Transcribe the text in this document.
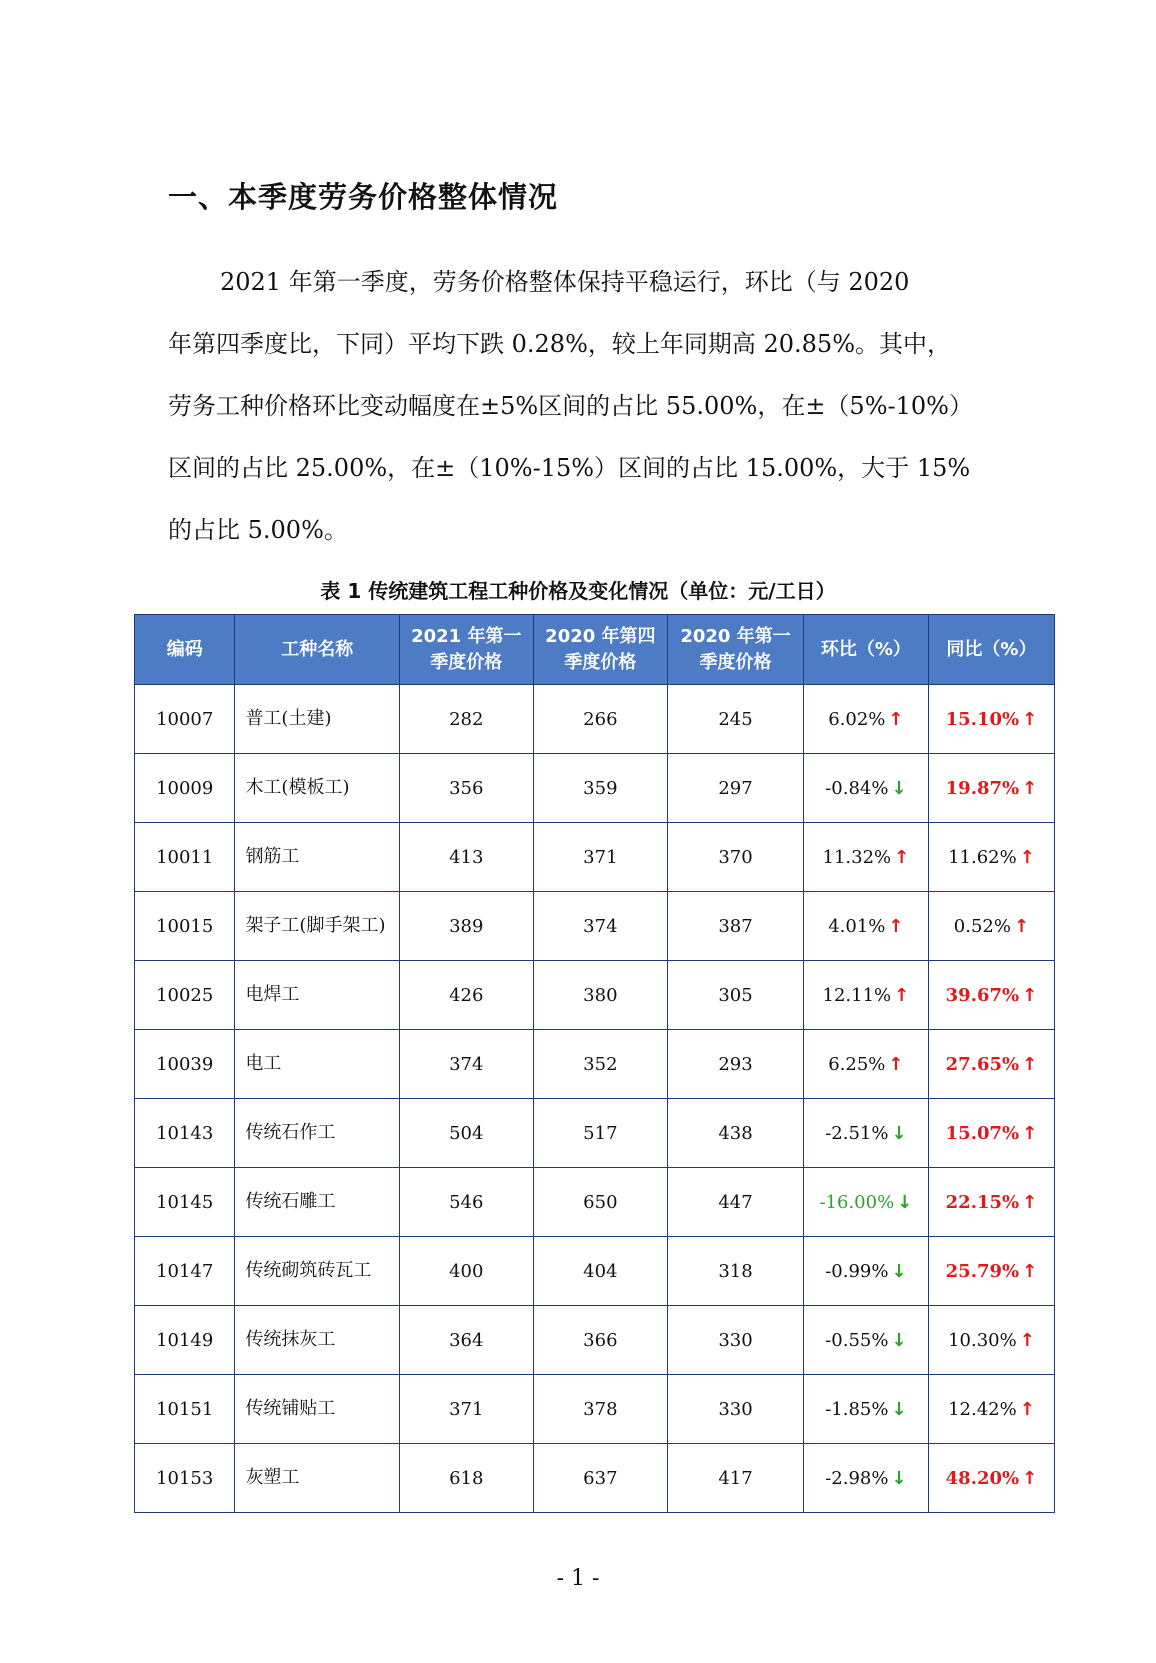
一、本季度劳务价格整体情况
2021 年第一季度，劳务价格整体保持平稳运行，环比（与 2020
年第四季度比，下同）平均下跌 0.28%，较上年同期高 20.85%。其中，
劳务工种价格环比变动幅度在±5%区间的占比 55.00%，在±（5%-10%）
区间的占比 25.00%，在±（10%-15%）区间的占比 15.00%，大于 15%
的占比 5.00%。
表 1 传统建筑工程工种价格及变化情况（单位：元/工日）
编码	工种名称	2021 年第一季度价格	2020 年第四季度价格	2020 年第一季度价格	环比（%）	同比（%）
10007	普工(土建)	282	266	245	6.02% ↑	15.10% ↑
10009	木工(模板工)	356	359	297	-0.84% ↓	19.87% ↑
10011	钢筋工	413	371	370	11.32% ↑	11.62% ↑
10015	架子工(脚手架工)	389	374	387	4.01% ↑	0.52% ↑
10025	电焊工	426	380	305	12.11% ↑	39.67% ↑
10039	电工	374	352	293	6.25% ↑	27.65% ↑
10143	传统石作工	504	517	438	-2.51% ↓	15.07% ↑
10145	传统石雕工	546	650	447	-16.00% ↓	22.15% ↑
10147	传统砌筑砖瓦工	400	404	318	-0.99% ↓	25.79% ↑
10149	传统抹灰工	364	366	330	-0.55% ↓	10.30% ↑
10151	传统铺贴工	371	378	330	-1.85% ↓	12.42% ↑
10153	灰塑工	618	637	417	-2.98% ↓	48.20% ↑
- 1 -
